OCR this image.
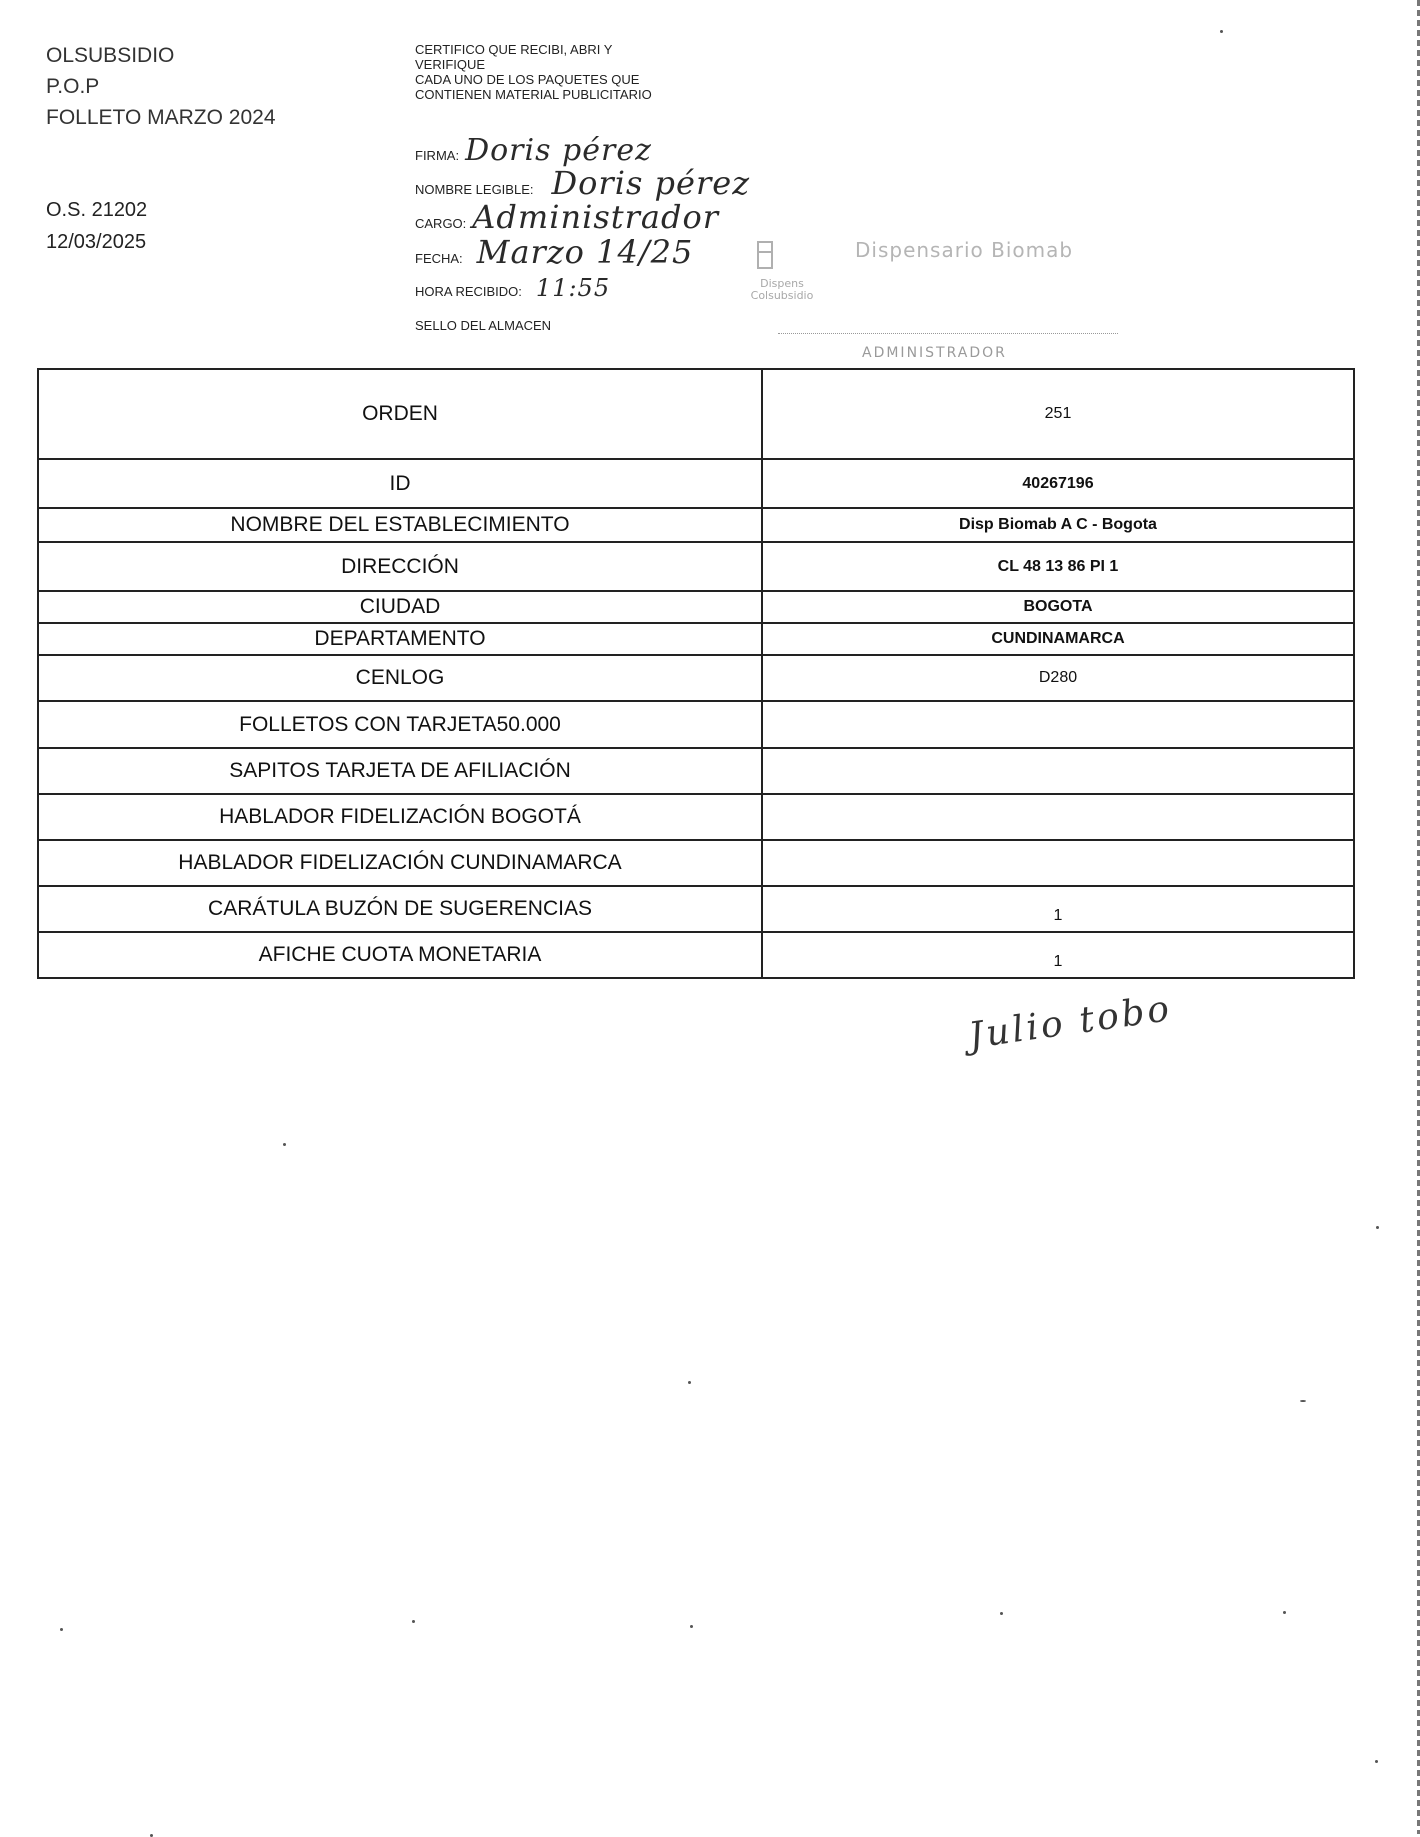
OLSUBSIDIO
P.O.P
FOLLETO MARZO 2024
O.S. 21202
12/03/2025
CERTIFICO QUE RECIBI, ABRI Y
VERIFIQUE
CADA UNO DE LOS PAQUETES QUE
CONTIENEN MATERIAL PUBLICITARIO
FIRMA: Doris pérez
NOMBRE LEGIBLE: Doris pérez
CARGO: Administrador
FECHA: Marzo 14/25
HORA RECIBIDO: 11:55
SELLO DEL ALMACEN
Dispensario Biomab
Dispens
Colsubsidio
ADMINISTRADOR
ORDEN	251
ID	40267196
NOMBRE DEL ESTABLECIMIENTO	Disp Biomab A C - Bogota
DIRECCIÓN	CL 48 13 86 PI 1
CIUDAD	BOGOTA
DEPARTAMENTO	CUNDINAMARCA
CENLOG	D280
FOLLETOS CON TARJETA50.000	
SAPITOS TARJETA DE AFILIACIÓN	
HABLADOR FIDELIZACIÓN BOGOTÁ	
HABLADOR FIDELIZACIÓN CUNDINAMARCA	
CARÁTULA BUZÓN DE SUGERENCIAS	1
AFICHE CUOTA MONETARIA	1
Julio tobo
